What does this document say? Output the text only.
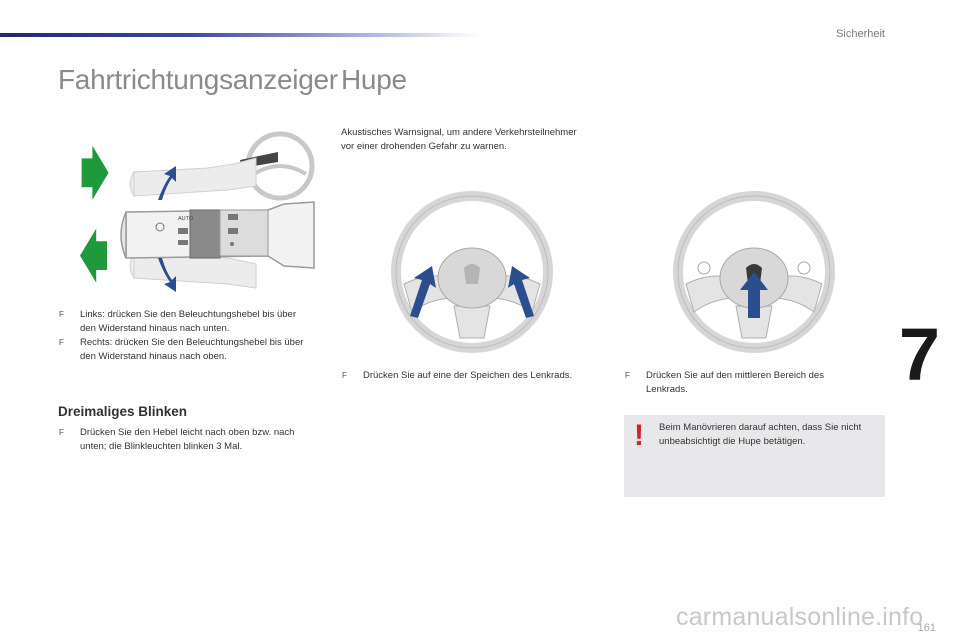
Sicherheit
7
Fahrtrichtungsanzeiger Hupe
AUTO
F Links: drücken Sie den Beleuchtungshebel bis über den Widerstand hinaus nach unten.
F Rechts: drücken Sie den Beleuchtungshebel bis über den Widerstand hinaus nach oben.
Dreimaliges Blinken
F Drücken Sie den Hebel leicht nach oben bzw. nach unten; die Blinkleuchten blinken 3 Mal.
Akustisches Warnsignal, um andere Verkehrsteilnehmer vor einer drohenden Gefahr zu warnen.
F Drücken Sie auf eine der Speichen des Lenkrads.	F Drücken Sie auf den mittleren Bereich des Lenkrads.
! Beim Manövrieren darauf achten, dass Sie nicht unbeabsichtigt die Hupe betätigen.
carmanualsonline.info
161
